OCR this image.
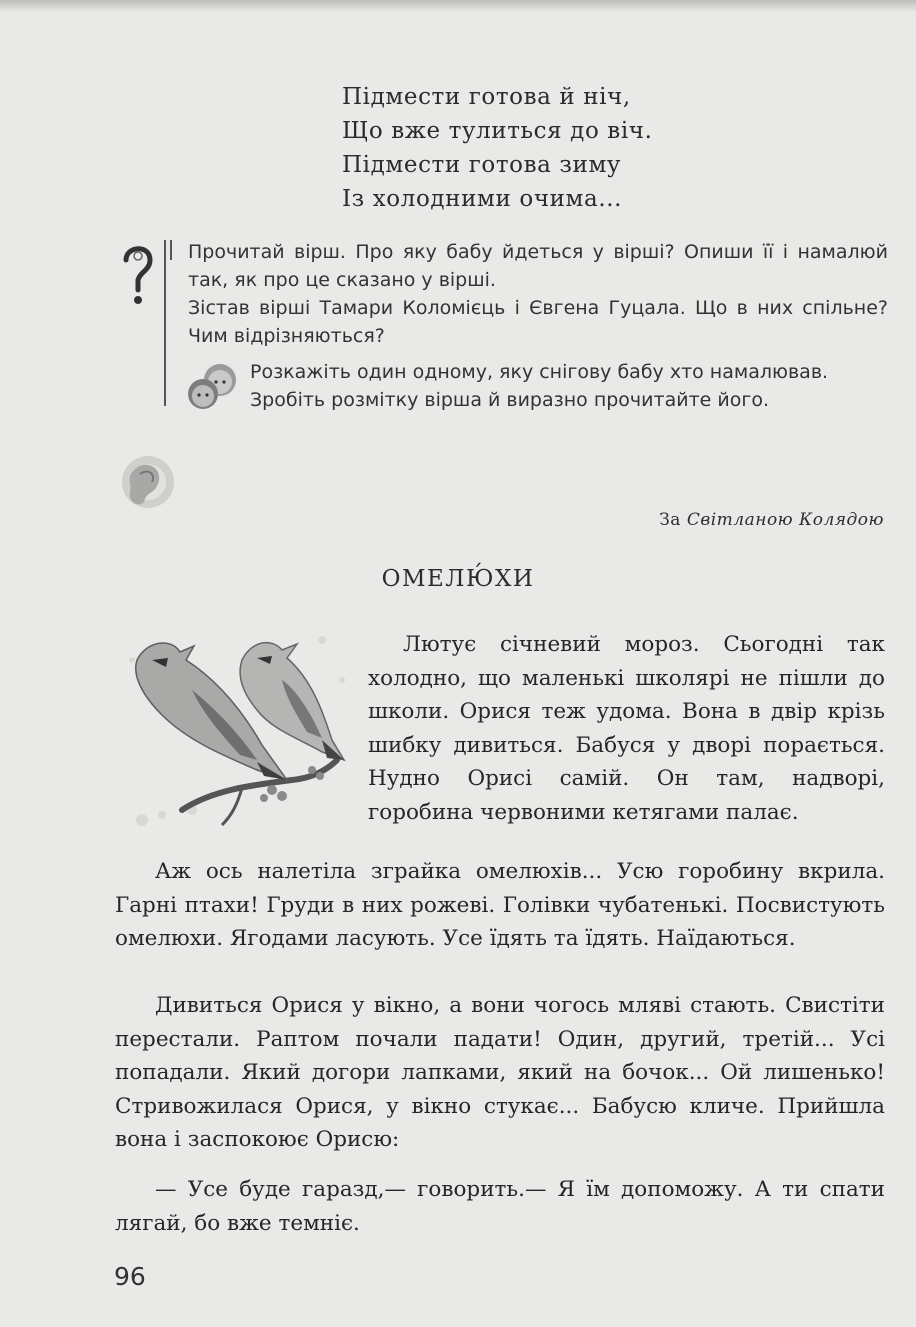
Підмести готова й ніч,
Що вже тулиться до віч.
Підмести готова зиму
Із холодними очима...

Прочитай вірш. Про яку бабу йдеться у вірші? Опиши її і намалюй так, як про це сказано у вірші.

Зістав вірші Тамари Коломієць і Євгена Гуцала. Що в них спільне? Чим відрізняються?

Розкажіть один одному, яку снігову бабу хто намалював.

Зробіть розмітку вірша й виразно прочитайте його.

За Світланою Колядою
ОМЕЛЮ́ХИ

Лютує січневий мороз. Сьогодні так холодно, що маленькі школярі не пішли до школи. Орися теж удома. Вона в двір крізь шибку дивиться. Бабуся у дворі порається. Нудно Орисі самій. Он там, надворі, горобина червоними кетягами палає.

Аж ось налетіла зграйка омелюхів... Усю горобину вкрила. Гарні птахи! Груди в них рожеві. Голівки чубатенькі. Посвистують омелюхи. Ягодами ласують. Усе їдять та їдять. Наїдаються.

Дивиться Орися у вікно, а вони чогось мляві стають. Свистіти перестали. Раптом почали падати! Один, другий, третій... Усі попадали. Який догори лапками, який на бочок... Ой лишенько! Стривожилася Орися, у вікно стукає... Бабусю кличе. Прийшла вона і заспокоює Орисю:

— Усе буде гаразд,— говорить.— Я їм допоможу. А ти спати лягай, бо вже темніє.

96
